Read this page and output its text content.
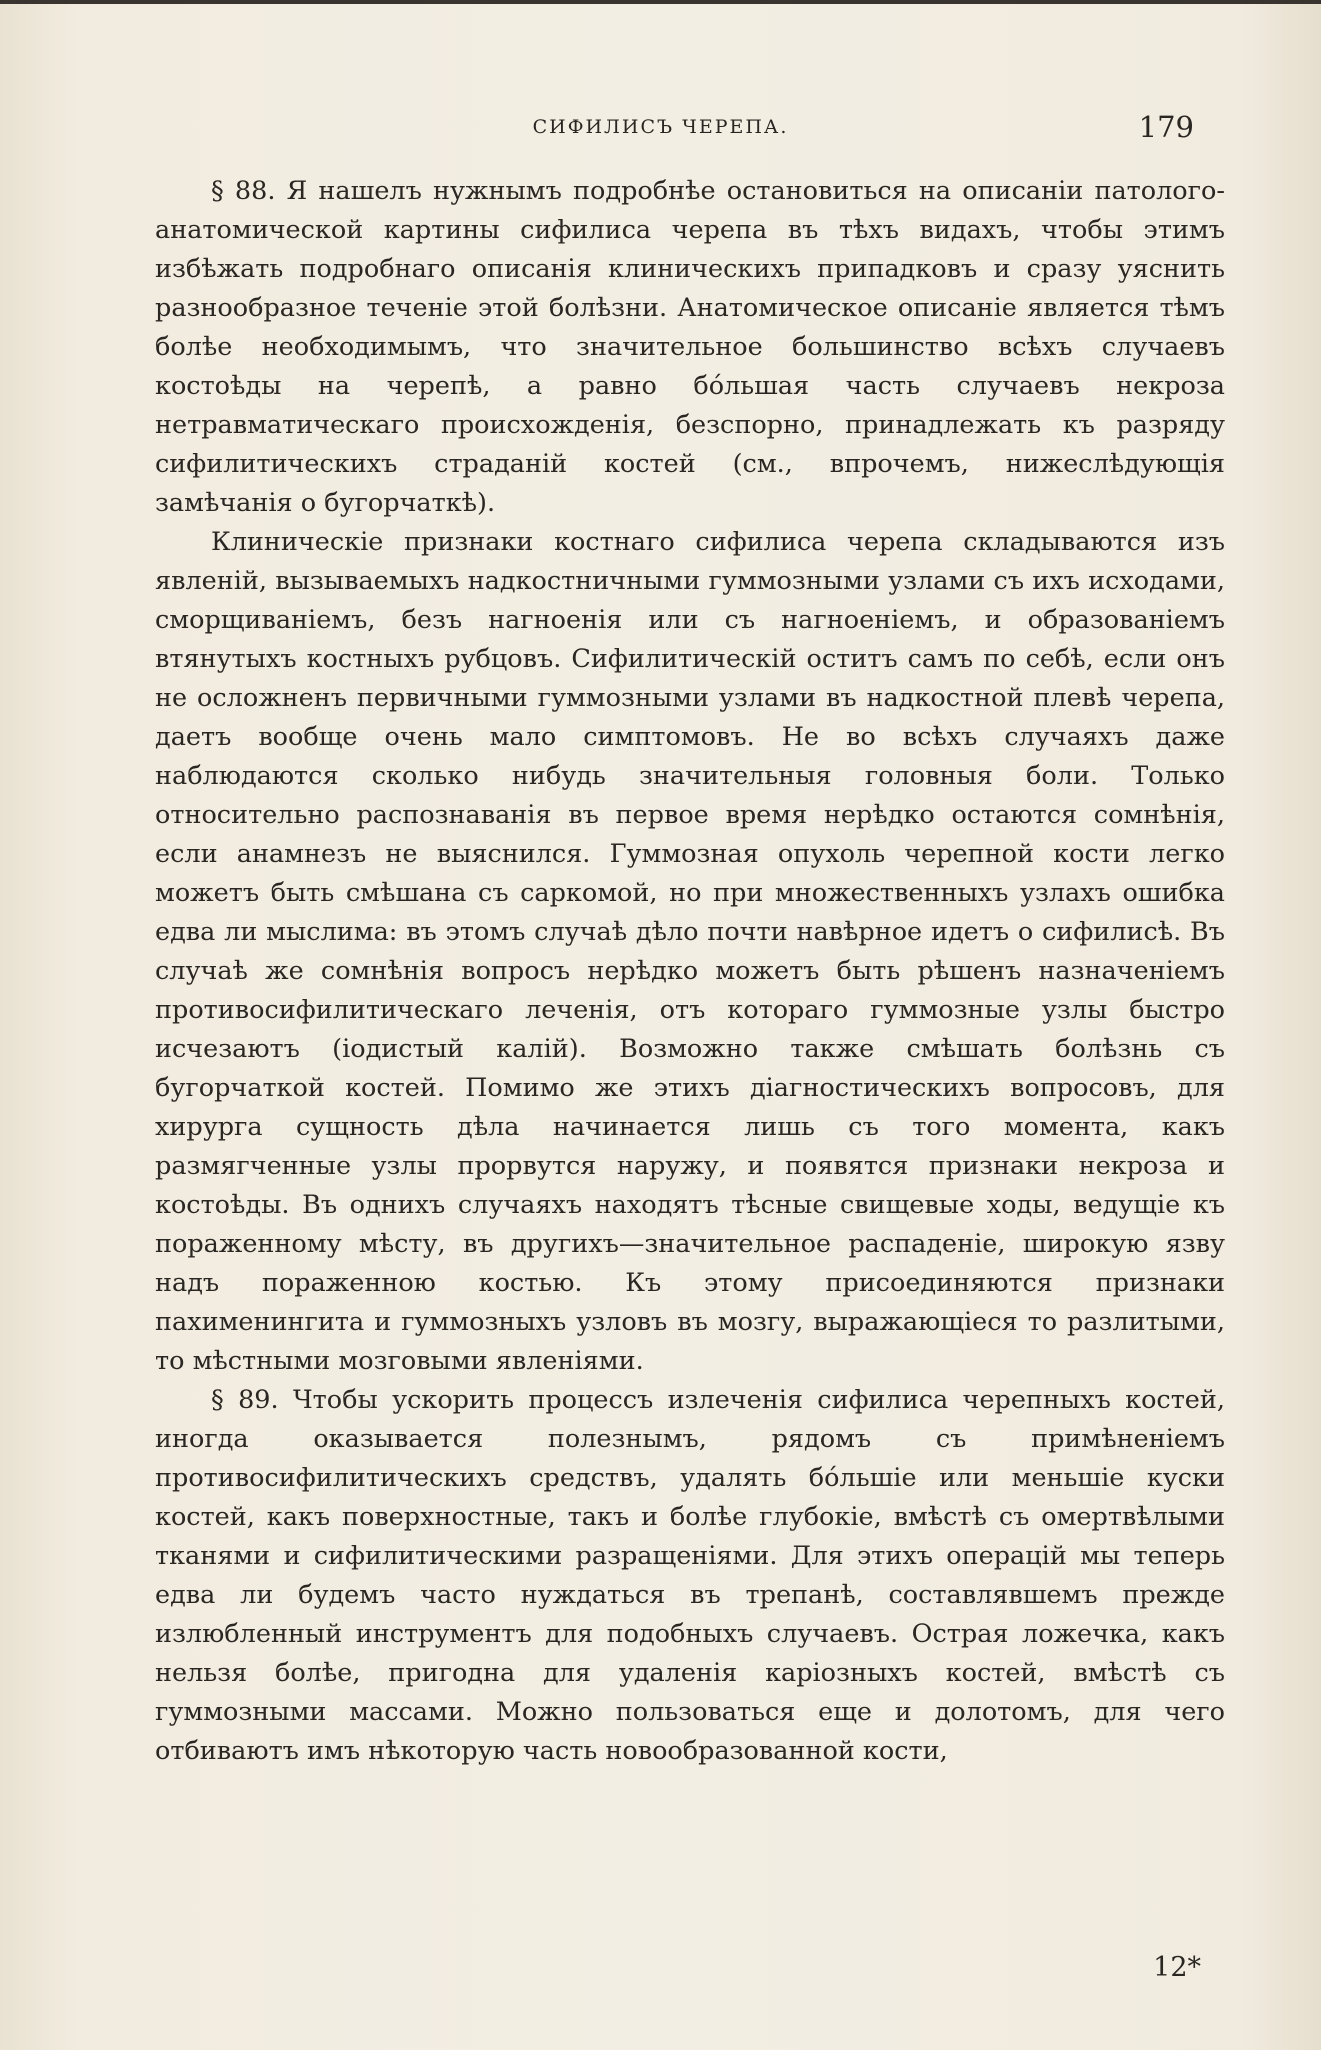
СИФИЛИСЪ ЧЕРЕПА.	179

§ 88. Я нашелъ нужнымъ подробнѣе остановиться на описаніи патолого-анатомической картины сифилиса черепа въ тѣхъ видахъ, чтобы этимъ избѣжать подробнаго описанія клиническихъ припадковъ и сразу уяснить разнообразное теченіе этой болѣзни. Анатомическое описаніе является тѣмъ болѣе необходимымъ, что значительное большинство всѣхъ случаевъ костоѣды на черепѣ, а равно бóльшая часть случаевъ некроза нетравматическаго происхожденія, безспорно, принадлежать къ разряду сифилитическихъ страданій костей (см., впрочемъ, нижеслѣдующія замѣчанія о бугорчаткѣ).

Клиническіе признаки костнаго сифилиса черепа складываются изъ явленій, вызываемыхъ надкостничными гуммозными узлами съ ихъ исходами, сморщиваніемъ, безъ нагноенія или съ нагноеніемъ, и образованіемъ втянутыхъ костныхъ рубцовъ. Сифилитическій оститъ самъ по себѣ, если онъ не осложненъ первичными гуммозными узлами въ надкостной плевѣ черепа, даетъ вообще очень мало симптомовъ. Не во всѣхъ случаяхъ даже наблюдаются сколько нибудь значительныя головныя боли. Только относительно распознаванія въ первое время нерѣдко остаются сомнѣнія, если анамнезъ не выяснился. Гуммозная опухоль черепной кости легко можетъ быть смѣшана съ саркомой, но при множественныхъ узлахъ ошибка едва ли мыслима: въ этомъ случаѣ дѣло почти навѣрное идетъ о сифилисѣ. Въ случаѣ же сомнѣнія вопросъ нерѣдко можетъ быть рѣшенъ назначеніемъ противосифилитическаго леченія, отъ котораго гуммозные узлы быстро исчезаютъ (іодистый калій). Возможно также смѣшать болѣзнь съ бугорчаткой костей. Помимо же этихъ діагностическихъ вопросовъ, для хирурга сущность дѣла начинается лишь съ того момента, какъ размягченные узлы прорвутся наружу, и появятся признаки некроза и костоѣды. Въ однихъ случаяхъ находятъ тѣсные свищевые ходы, ведущіе къ пораженному мѣсту, въ другихъ—значительное распаденіе, широкую язву надъ пораженною костью. Къ этому присоединяются признаки пахименингита и гуммозныхъ узловъ въ мозгу, выражающіеся то разлитыми, то мѣстными мозговыми явленіями.

§ 89. Чтобы ускорить процессъ излеченія сифилиса черепныхъ костей, иногда оказывается полезнымъ, рядомъ съ примѣненіемъ противосифилитическихъ средствъ, удалять бóльшіе или меньшіе куски костей, какъ поверхностные, такъ и болѣе глубокіе, вмѣстѣ съ омертвѣлыми тканями и сифилитическими разращеніями. Для этихъ операцій мы теперь едва ли будемъ часто нуждаться въ трепанѣ, составлявшемъ прежде излюбленный инструментъ для подобныхъ случаевъ. Острая ложечка, какъ нельзя болѣе, пригодна для удаленія каріозныхъ костей, вмѣстѣ съ гуммозными массами. Можно пользоваться еще и долотомъ, для чего отбиваютъ имъ нѣкоторую часть новообразованной кости,

12*
